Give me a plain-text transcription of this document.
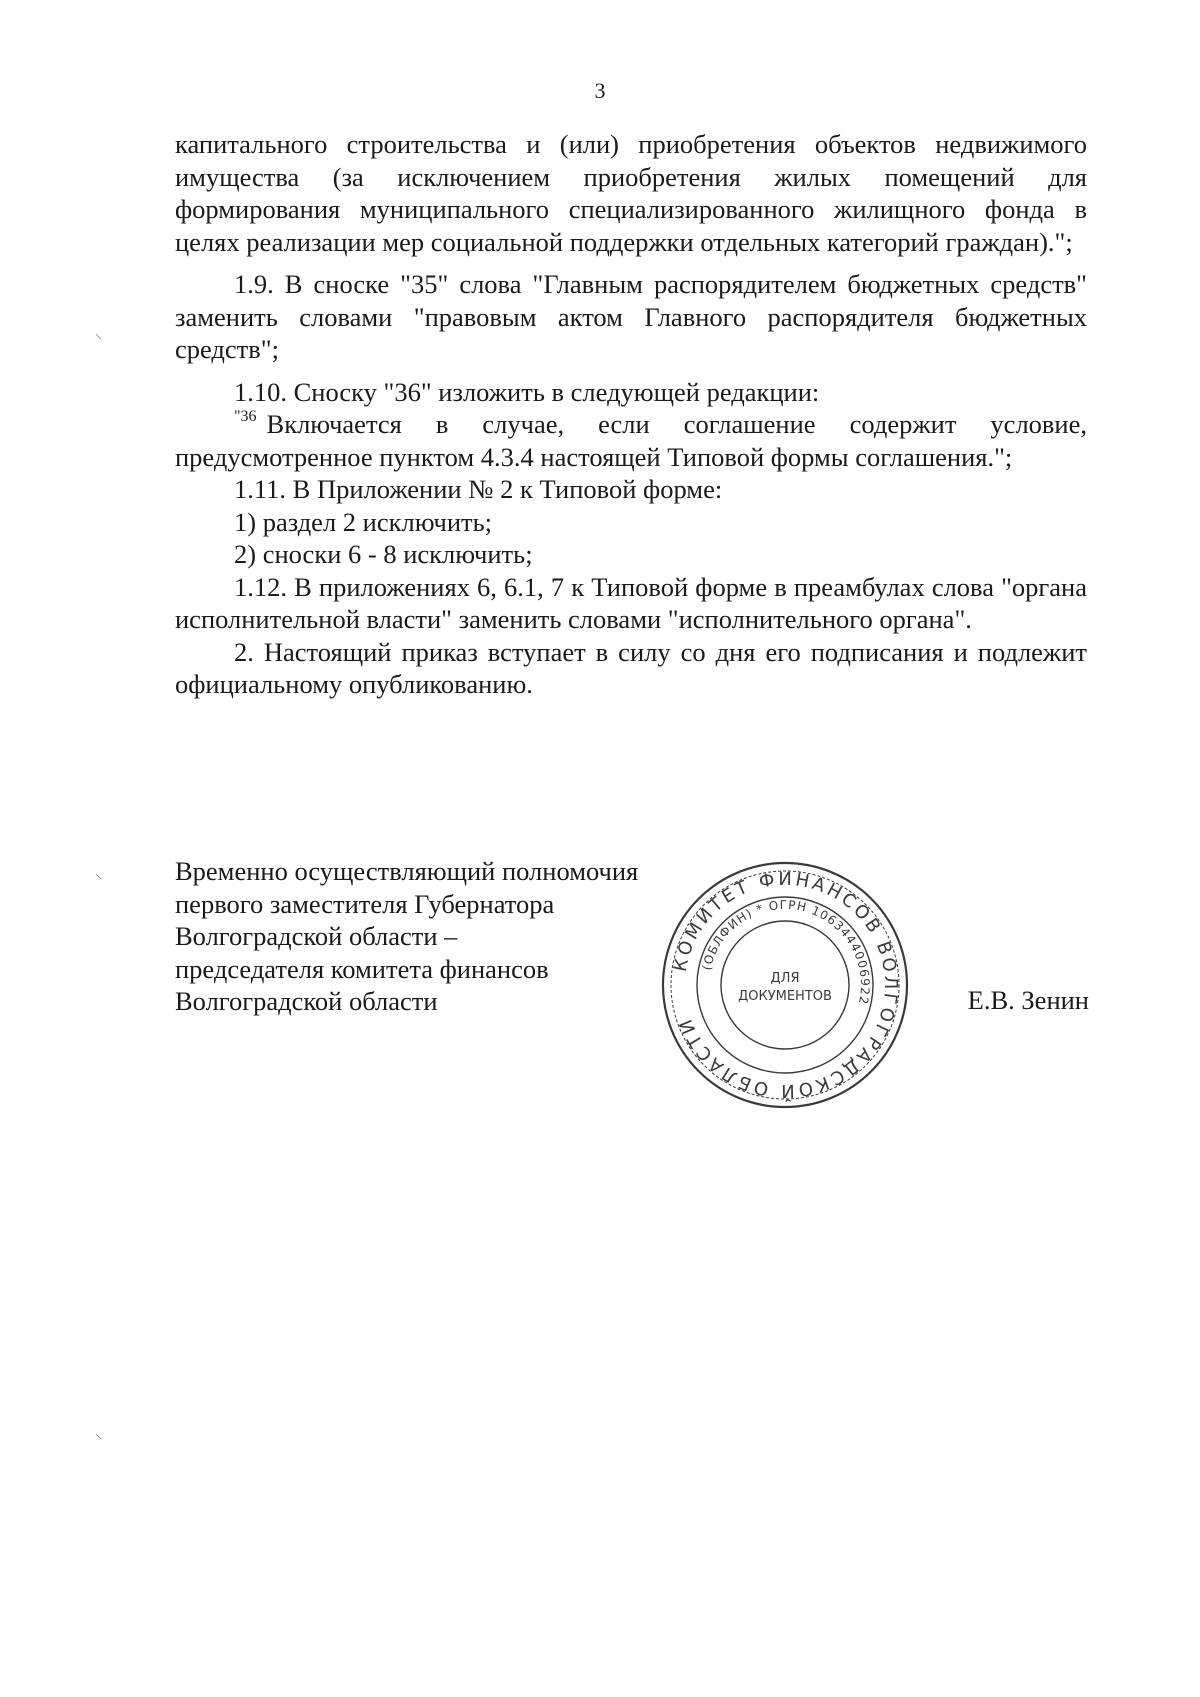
3

капитального строительства и (или) приобретения объектов недвижимого имущества (за исключением приобретения жилых помещений для формирования муниципального специализированного жилищного фонда в целях реализации мер социальной поддержки отдельных категорий граждан).";

1.9. В сноске "35" слова "Главным распорядителем бюджетных средств" заменить словами "правовым актом Главного распорядителя бюджетных средств";

1.10. Сноску "36" изложить в следующей редакции:

$^{"36}$ Включается в случае, если соглашение содержит условие, предусмотренное пунктом 4.3.4 настоящей Типовой формы соглашения.";

1.11. В Приложении № 2 к Типовой форме:

1) раздел 2 исключить;

2) сноски 6 - 8 исключить;

1.12. В приложениях 6, 6.1, 7 к Типовой форме в преамбулах слова "органа исполнительной власти" заменить словами "исполнительного органа".

2. Настоящий приказ вступает в силу со дня его подписания и подлежит официальному опубликованию.

Временно осуществляющий полномочия
первого заместителя Губернатора
Волгоградской области –
председателя комитета финансов
Волгоградской области
КОМИТЕТ ФИНАНСОВ ВОЛГОГРАДСКОЙ ОБЛАСТИ
(ОБЛФИН) * ОГРН 1063444006922
ДЛЯ
ДОКУМЕНТОВ	Е.В. Зенин
⸌
⸌
⸌
